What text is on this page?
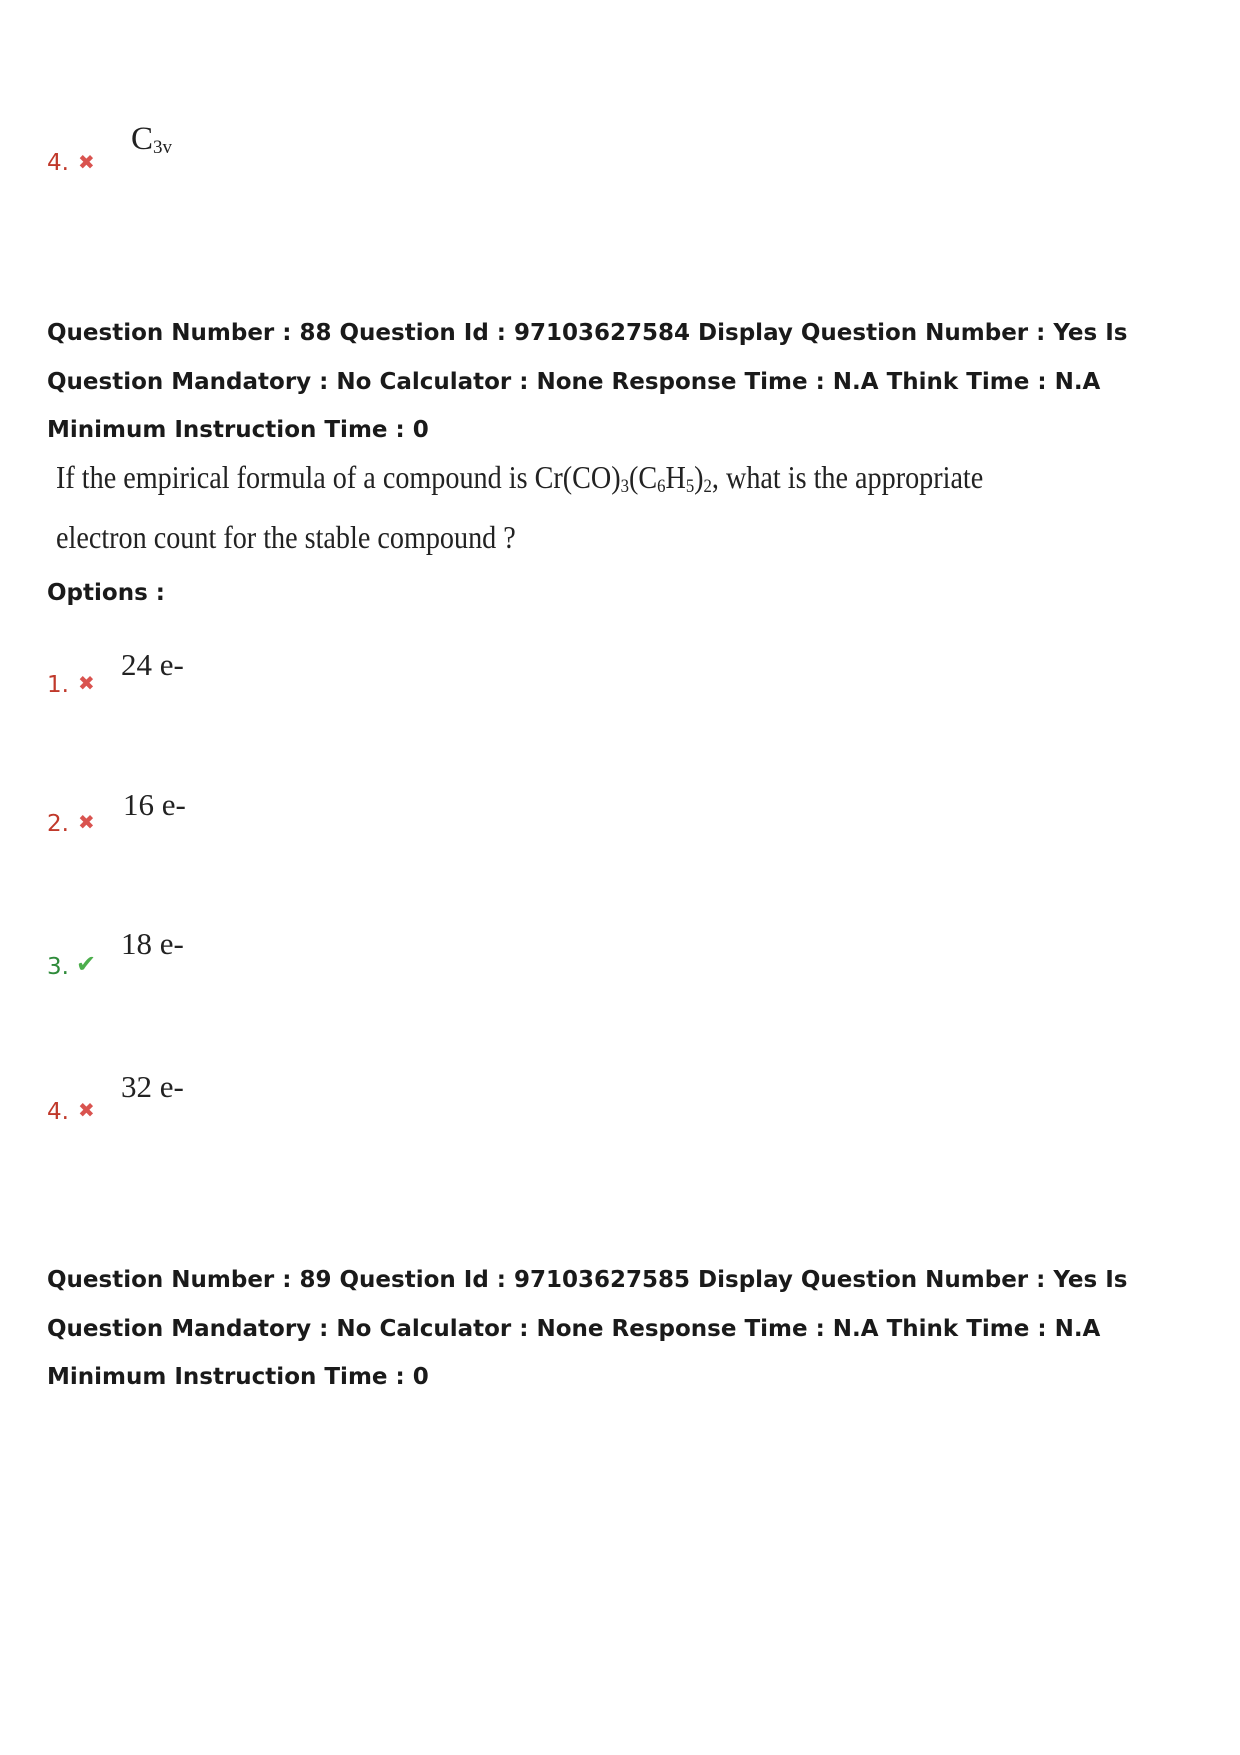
4. ✖
$C_{3v}$
Question Number : 88 Question Id : 97103627584 Display Question Number : Yes Is Question Mandatory : No Calculator : None Response Time : N.A Think Time : N.A Minimum Instruction Time : 0
If the empirical formula of a compound is $Cr(CO)_3(C_6H_5)_2$, what is the appropriate
electron count for the stable compound ?
Options :
1. ✖
24 e-
2. ✖ 16 e-
3. ✔
18 e-
4. ✖
32 e-
Question Number : 89 Question Id : 97103627585 Display Question Number : Yes Is Question Mandatory : No Calculator : None Response Time : N.A Think Time : N.A Minimum Instruction Time : 0
